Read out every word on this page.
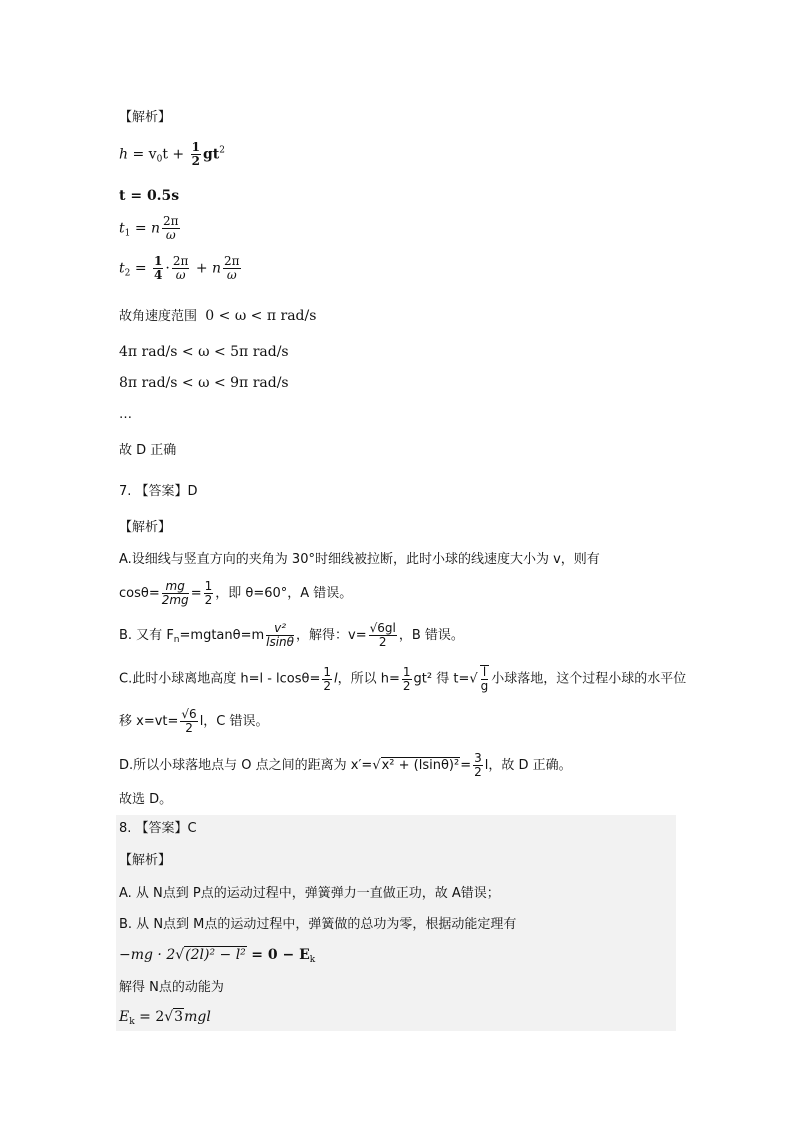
【解析】
$h = v_0t + \frac{1}{2} gt^2$
t = 0.5s
$t_1 = n \frac{2\pi}{\omega}$
$t_2 = \frac{1}{4} \cdot \frac{2\pi}{\omega} + n \frac{2\pi}{\omega}$
故角速度范围 0 < ω < π rad/s
4π rad/s < ω < 5π rad/s
8π rad/s < ω < 9π rad/s
…
故 D 正确
7. 【答案】D
【解析】
A.设细线与竖直方向的夹角为 30°时细线被拉断，此时小球的线速度大小为 v，则有
$\cos\theta= \frac{mg}{2mg} = \frac{1}{2}$ ，即 θ=60°，A 错误。
B. 又有 $F_n=mgtan\theta=m \frac{\text{v²}}{lsin\theta}$ ，解得：$v= \frac{√6gl}{2}$ ，B 错误。
C.此时小球离地高度 $h=l - lcos\theta= \frac{1}{2}$ l，所以 $h= \frac{1}{2} gt^2$ 得 $t=√ \frac{l}{g}$ 小球落地，这个过程小球的水平位
移 $x=vt= \frac{√6}{2}$ l，C 错误。
D.所以小球落地点与 O 点之间的距离为 $x'=√x^2 + (lsin\theta)^2= \frac{3}{2}$ l，故 D 正确。
故选 D。
8. 【答案】C
【解析】
A. 从 N点到 P点的运动过程中，弹簧弹力一直做正功，故 A错误；
B. 从 N点到 M点的运动过程中，弹簧做的总功为零，根据动能定理有
$-mg \cdot 2√(2l)^2 - l^2 = 0 - E_k$
解得 N点的动能为
$E_k = 2√3mgl$
